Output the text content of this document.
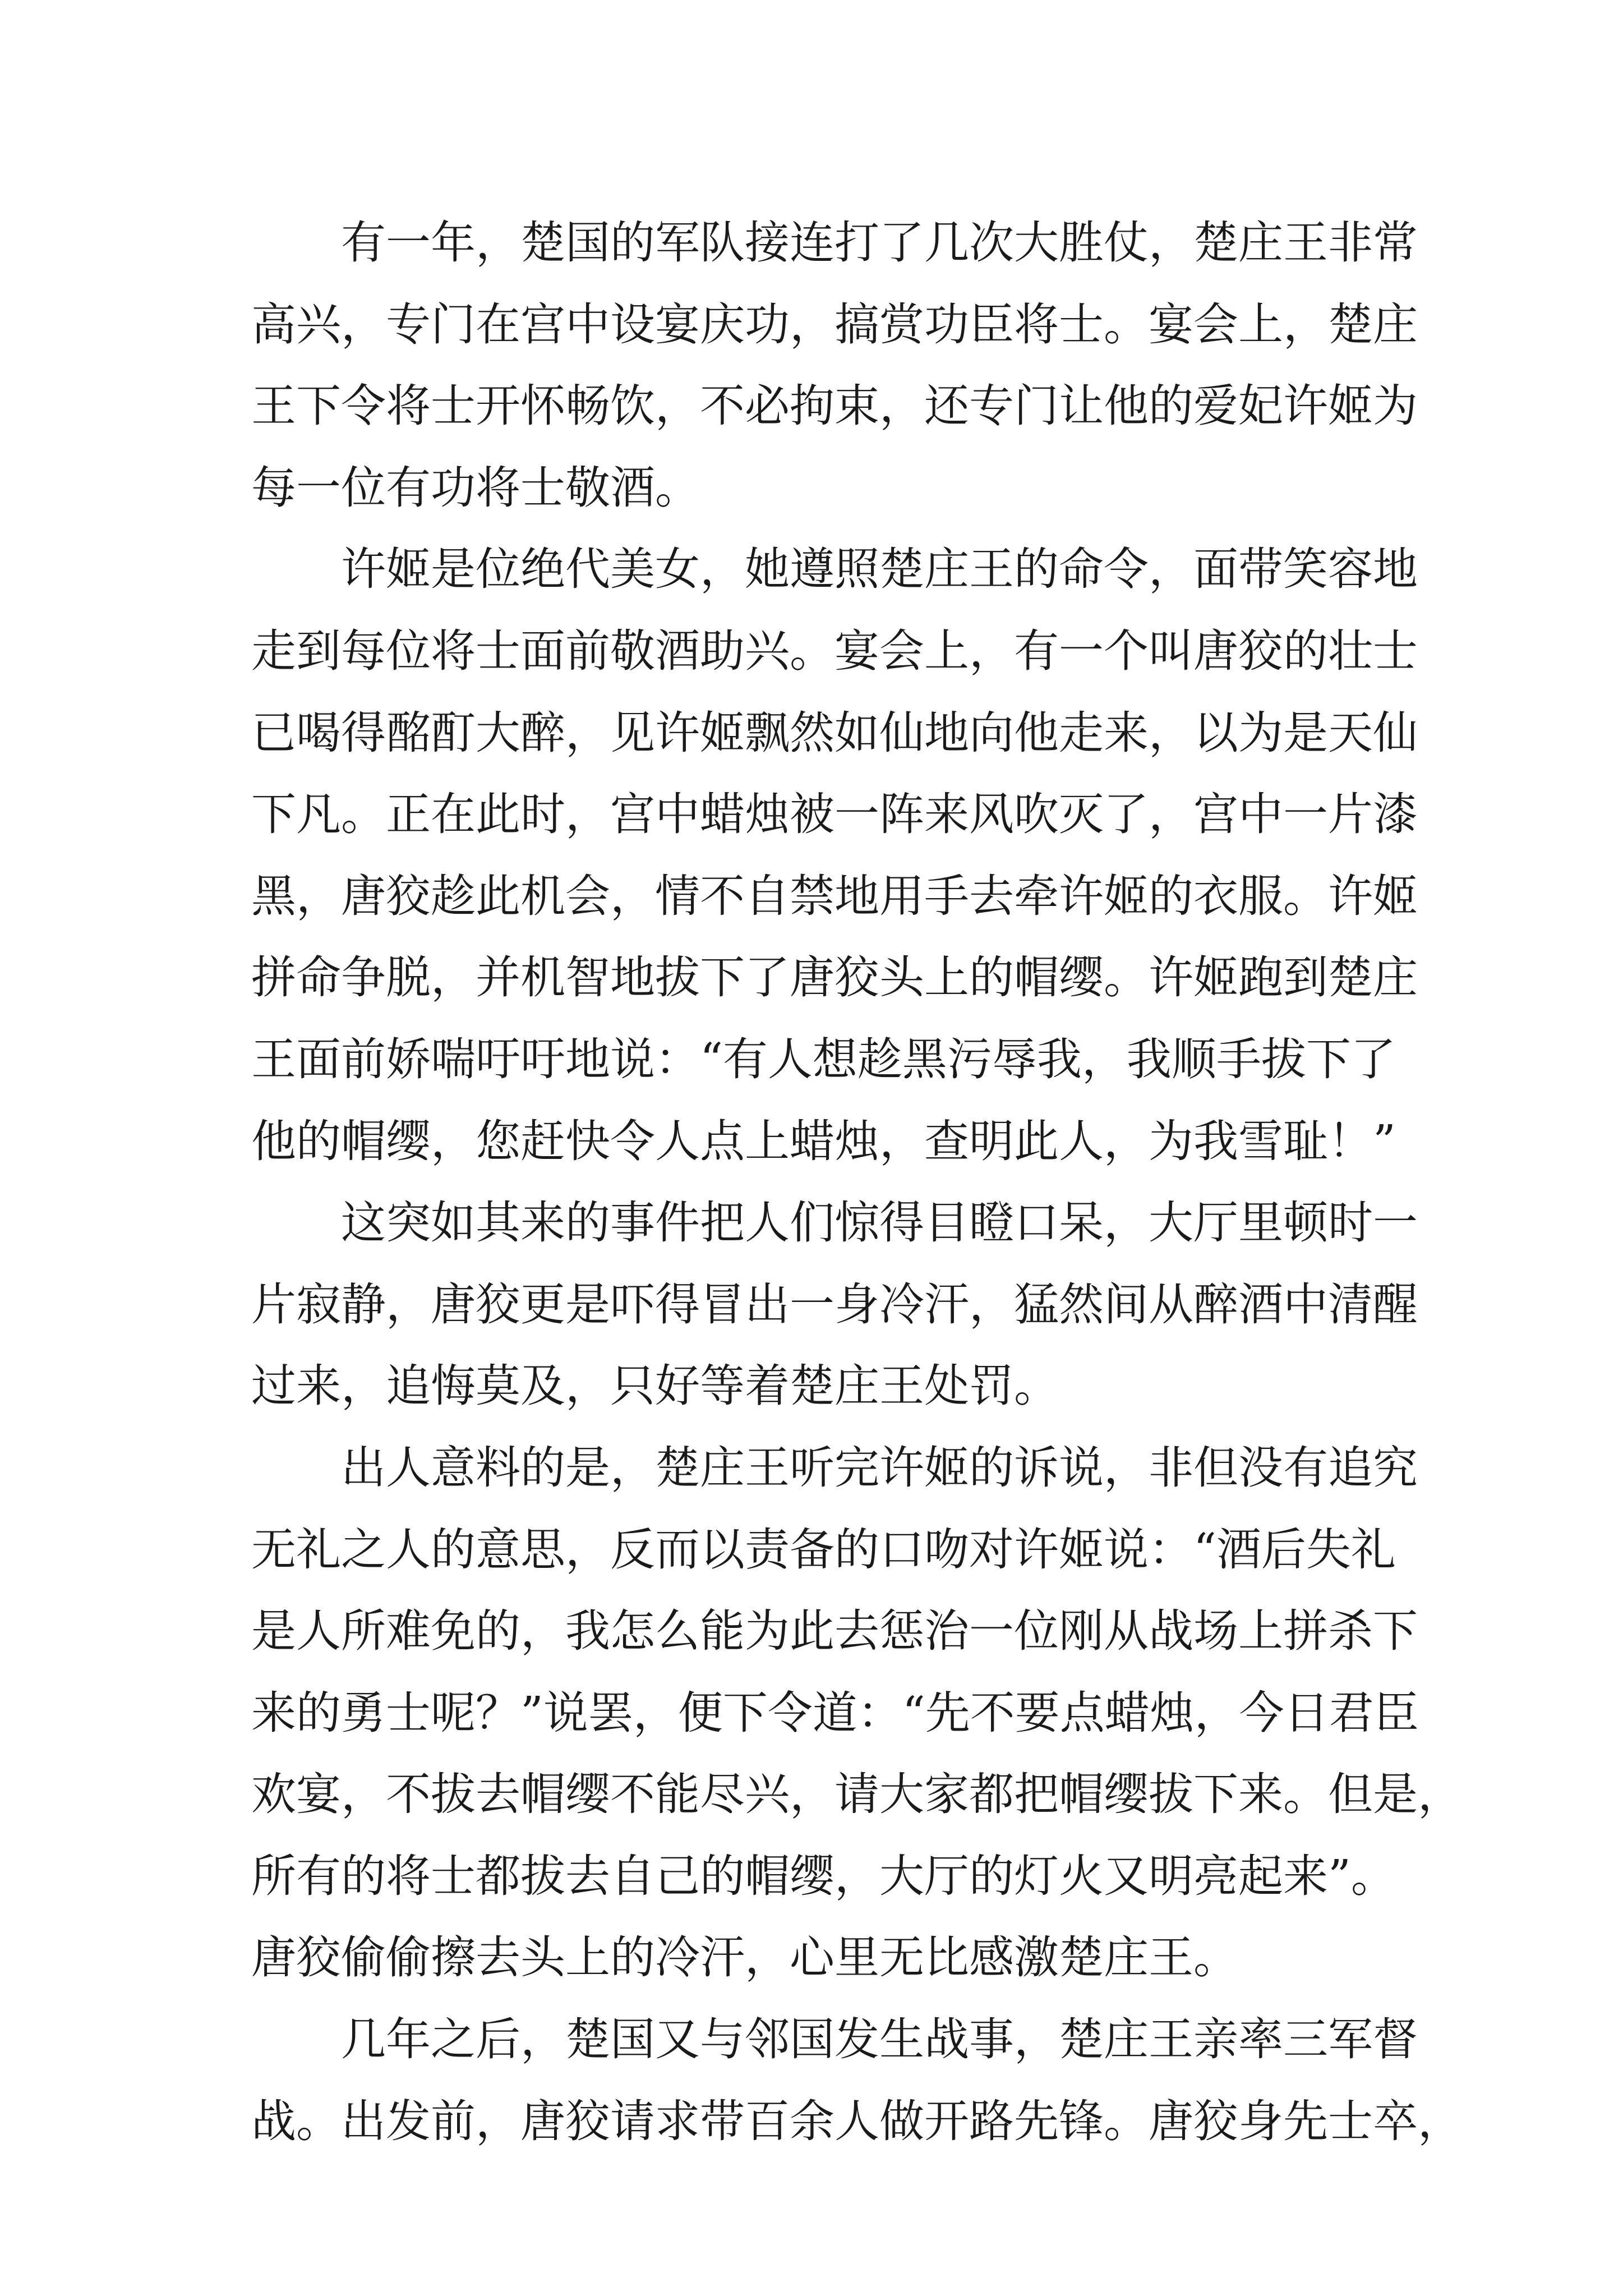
有一年，楚国的军队接连打了几次大胜仗，楚庄王非常
高兴，专门在宫中设宴庆功，搞赏功臣将士。宴会上，楚庄
王下令将士开怀畅饮，不必拘束，还专门让他的爱妃许姬为
每一位有功将士敬酒。
许姬是位绝代美女，她遵照楚庄王的命令，面带笑容地
走到每位将士面前敬酒助兴。宴会上，有一个叫唐狡的壮士
已喝得酩酊大醉，见许姬飘然如仙地向他走来，以为是天仙
下凡。正在此时，宫中蜡烛被一阵来风吹灭了，宫中一片漆
黑，唐狡趁此机会，情不自禁地用手去牵许姬的衣服。许姬
拼命争脱，并机智地拔下了唐狡头上的帽缨。许姬跑到楚庄
王面前娇喘吁吁地说：“有人想趁黑污辱我，我顺手拔下了
他的帽缨，您赶快令人点上蜡烛，查明此人，为我雪耻！”
这突如其来的事件把人们惊得目瞪口呆，大厅里顿时一
片寂静，唐狡更是吓得冒出一身冷汗，猛然间从醉酒中清醒
过来，追悔莫及，只好等着楚庄王处罚。
出人意料的是，楚庄王听完许姬的诉说，非但没有追究
无礼之人的意思，反而以责备的口吻对许姬说：“酒后失礼
是人所难免的，我怎么能为此去惩治一位刚从战场上拼杀下
来的勇士呢？”说罢，便下令道：“先不要点蜡烛，今日君臣
欢宴，不拔去帽缨不能尽兴，请大家都把帽缨拔下来。但是，
所有的将士都拔去自己的帽缨，大厅的灯火又明亮起来”。
唐狡偷偷擦去头上的冷汗，心里无比感激楚庄王。
几年之后，楚国又与邻国发生战事，楚庄王亲率三军督
战。出发前，唐狡请求带百余人做开路先锋。唐狡身先士卒，
